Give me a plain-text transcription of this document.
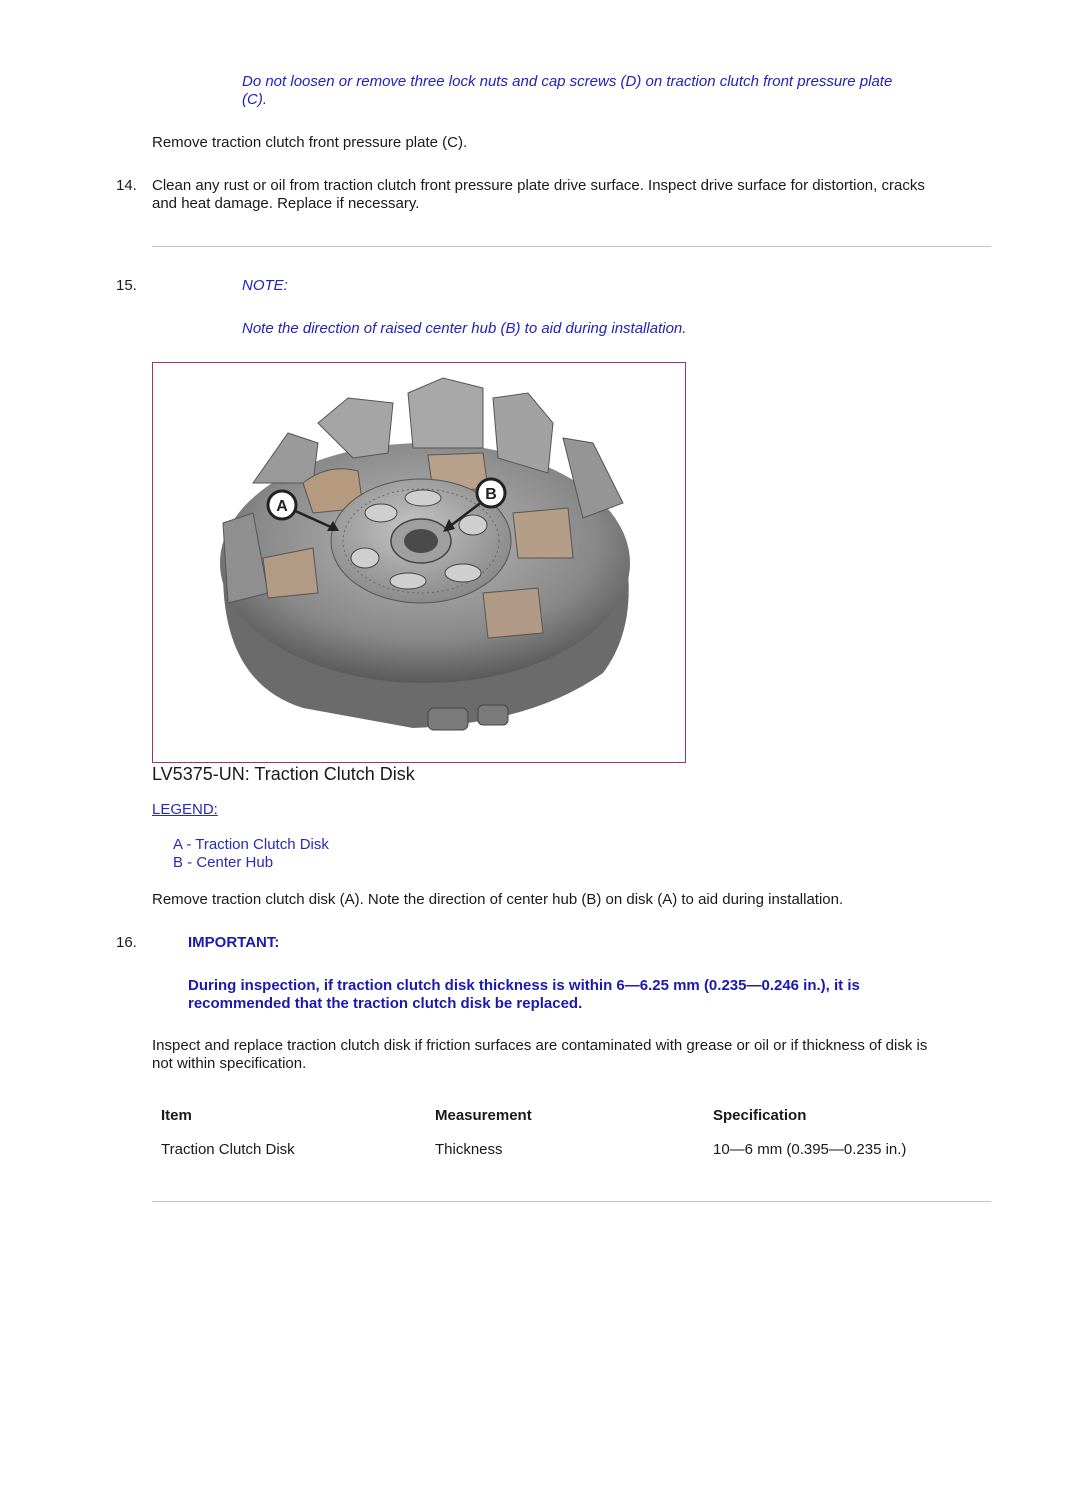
Do not loosen or remove three lock nuts and cap screws (D) on traction clutch front pressure plate
(C).
Remove traction clutch front pressure plate (C).
14. Clean any rust or oil from traction clutch front pressure plate drive surface. Inspect drive surface for distortion, cracks
and heat damage. Replace if necessary.
15.	NOTE:
Note the direction of raised center hub (B) to aid during installation.
A
B
LV5375-UN: Traction Clutch Disk
LEGEND:
A - Traction Clutch Disk
B - Center Hub
Remove traction clutch disk (A). Note the direction of center hub (B) on disk (A) to aid during installation.
16.	IMPORTANT:
During inspection, if traction clutch disk thickness is within 6—6.25 mm (0.235—0.246 in.), it is
recommended that the traction clutch disk be replaced.
Inspect and replace traction clutch disk if friction surfaces are contaminated with grease or oil or if thickness of disk is
not within specification.
Item	Measurement	Specification
Traction Clutch Disk	Thickness	10—6 mm (0.395—0.235 in.)
